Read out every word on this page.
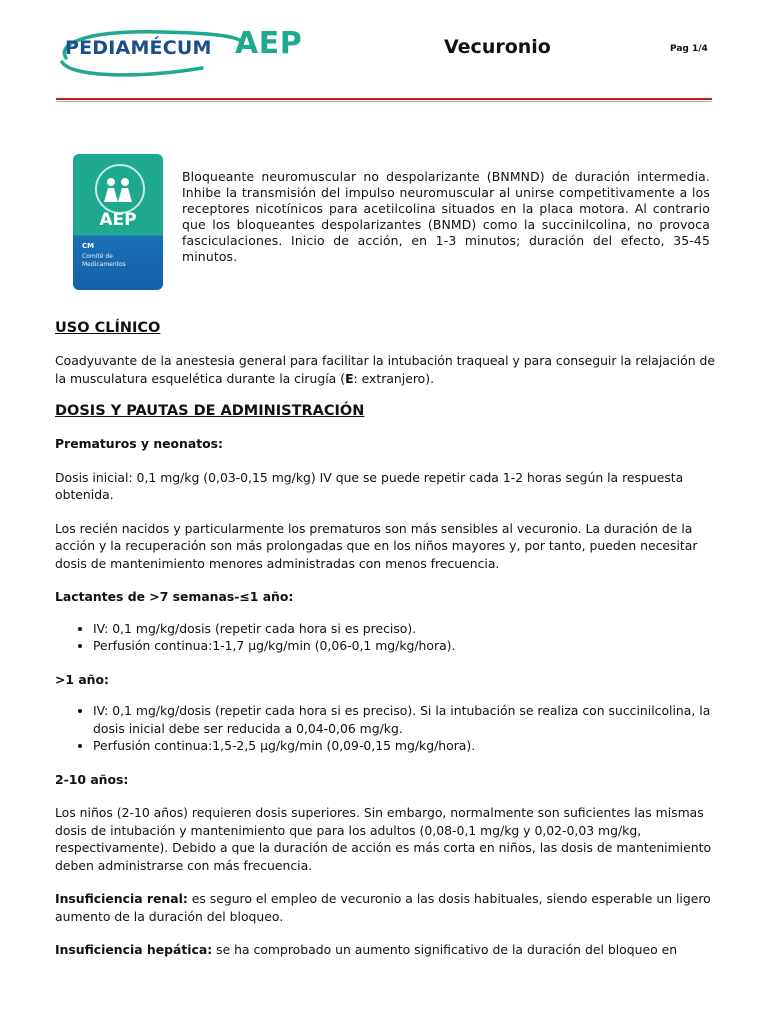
PEDIAMÉCUM AEP	Vecuronio	Pag 1/4
AEP
CM
Comité de Medicamentos
Bloqueante neuromuscular no despolarizante (BNMND) de duración intermedia. Inhibe la transmisión del impulso neuromuscular al unirse competitivamente a los receptores nicotínicos para acetilcolina situados en la placa motora. Al contrario que los bloqueantes despolarizantes (BNMD) como la succinilcolina, no provoca fasciculaciones. Inicio de acción, en 1-3 minutos; duración del efecto, 35-45 minutos.
USO CLÍNICO

Coadyuvante de la anestesia general para facilitar la intubación traqueal y para conseguir la relajación de la musculatura esquelética durante la cirugía (E: extranjero).

DOSIS Y PAUTAS DE ADMINISTRACIÓN

Prematuros y neonatos:

Dosis inicial: 0,1 mg/kg (0,03-0,15 mg/kg) IV que se puede repetir cada 1-2 horas según la respuesta obtenida.

Los recién nacidos y particularmente los prematuros son más sensibles al vecuronio. La duración de la acción y la recuperación son más prolongadas que en los niños mayores y, por tanto, pueden necesitar dosis de mantenimiento menores administradas con menos frecuencia.

Lactantes de >7 semanas-≤1 año:

• IV: 0,1 mg/kg/dosis (repetir cada hora si es preciso).
• Perfusión continua:1-1,7 µg/kg/min (0,06-0,1 mg/kg/hora).

>1 año:

• IV: 0,1 mg/kg/dosis (repetir cada hora si es preciso). Si la intubación se realiza con succinilcolina, la dosis inicial debe ser reducida a 0,04-0,06 mg/kg.
• Perfusión continua:1,5-2,5 µg/kg/min (0,09-0,15 mg/kg/hora).

2-10 años:

Los niños (2-10 años) requieren dosis superiores. Sin embargo, normalmente son suficientes las mismas dosis de intubación y mantenimiento que para los adultos (0,08-0,1 mg/kg y 0,02-0,03 mg/kg, respectivamente). Debido a que la duración de acción es más corta en niños, las dosis de mantenimiento deben administrarse con más frecuencia.

Insuficiencia renal: es seguro el empleo de vecuronio a las dosis habituales, siendo esperable un ligero aumento de la duración del bloqueo.

Insuficiencia hepática: se ha comprobado un aumento significativo de la duración del bloqueo en
